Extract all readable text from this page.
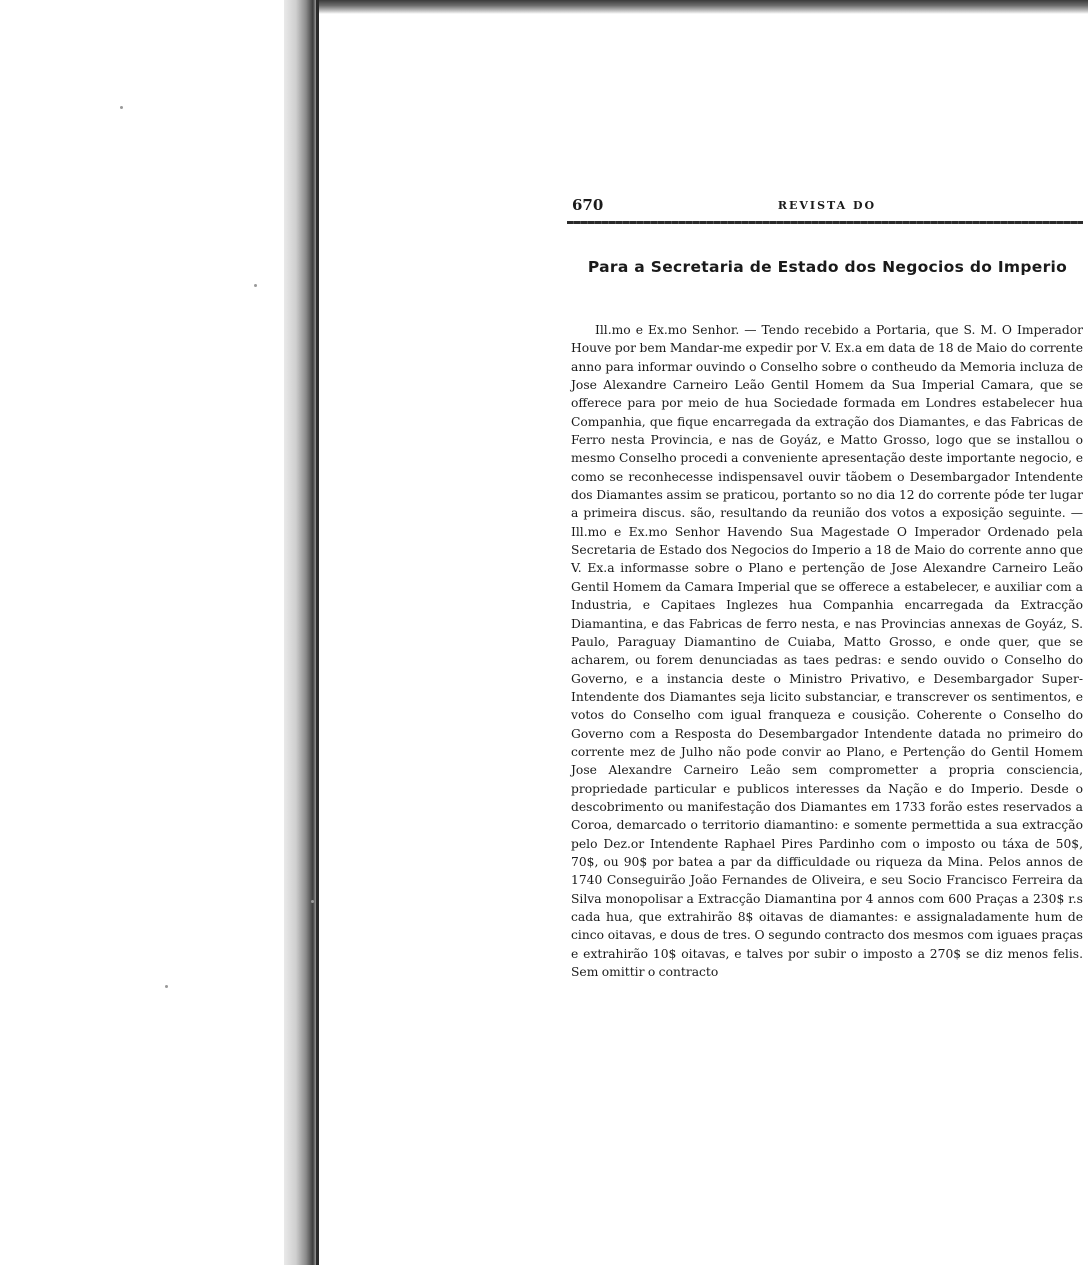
670	REVISTA DO
Para a Secretaria de Estado dos Negocios do Imperio

Ill.mo e Ex.mo Senhor. — Tendo recebido a Portaria, que S. M. O Imperador Houve por bem Mandar-me expedir por V. Ex.a em data de 18 de Maio do corrente anno para informar ouvindo o Conselho sobre o contheudo da Memoria incluza de Jose Alexandre Carneiro Leão Gentil Homem da Sua Imperial Camara, que se offerece para por meio de hua Sociedade formada em Londres estabelecer hua Companhia, que fique encarregada da extração dos Diamantes, e das Fabricas de Ferro nesta Provincia, e nas de Goyáz, e Matto Grosso, logo que se installou o mesmo Conselho procedi a conveniente apresentação deste importante negocio, e como se reconhecesse indispensavel ouvir tãobem o Desembargador Intendente dos Diamantes assim se praticou, portanto so no dia 12 do corrente póde ter lugar a primeira discus. são, resultando da reunião dos votos a exposição seguinte. — Ill.mo e Ex.mo Senhor Havendo Sua Magestade O Imperador Ordenado pela Secretaria de Estado dos Negocios do Imperio a 18 de Maio do corrente anno que V. Ex.a informasse sobre o Plano e pertenção de Jose Alexandre Carneiro Leão Gentil Homem da Camara Imperial que se offerece a estabelecer, e auxiliar com a Industria, e Capitaes Inglezes hua Companhia encarregada da Extracção Diamantina, e das Fabricas de ferro nesta, e nas Provincias annexas de Goyáz, S. Paulo, Paraguay Diamantino de Cuiaba, Matto Grosso, e onde quer, que se acharem, ou forem denunciadas as taes pedras: e sendo ouvido o Conselho do Governo, e a instancia deste o Ministro Privativo, e Desembargador Super-Intendente dos Diamantes seja licito substanciar, e transcrever os sentimentos, e votos do Conselho com igual franqueza e cousição. Coherente o Conselho do Governo com a Resposta do Desembargador Intendente datada no primeiro do corrente mez de Julho não pode convir ao Plano, e Pertenção do Gentil Homem Jose Alexandre Carneiro Leão sem comprometter a propria consciencia, propriedade particular e publicos interesses da Nação e do Imperio. Desde o descobrimento ou manifestação dos Diamantes em 1733 forão estes reservados a Coroa, demarcado o territorio diamantino: e somente permettida a sua extracção pelo Dez.or Intendente Raphael Pires Pardinho com o imposto ou táxa de 50$, 70$, ou 90$ por batea a par da difficuldade ou riqueza da Mina. Pelos annos de 1740 Conseguirão João Fernandes de Oliveira, e seu Socio Francisco Ferreira da Silva monopolisar a Extracção Diamantina por 4 annos com 600 Praças a 230$ r.s cada hua, que extrahirão 8$ oitavas de diamantes: e assignaladamente hum de cinco oitavas, e dous de tres. O segundo contracto dos mesmos com iguaes praças e extrahirão 10$ oitavas, e talves por subir o imposto a 270$ se diz menos felis. Sem omittir o contracto
